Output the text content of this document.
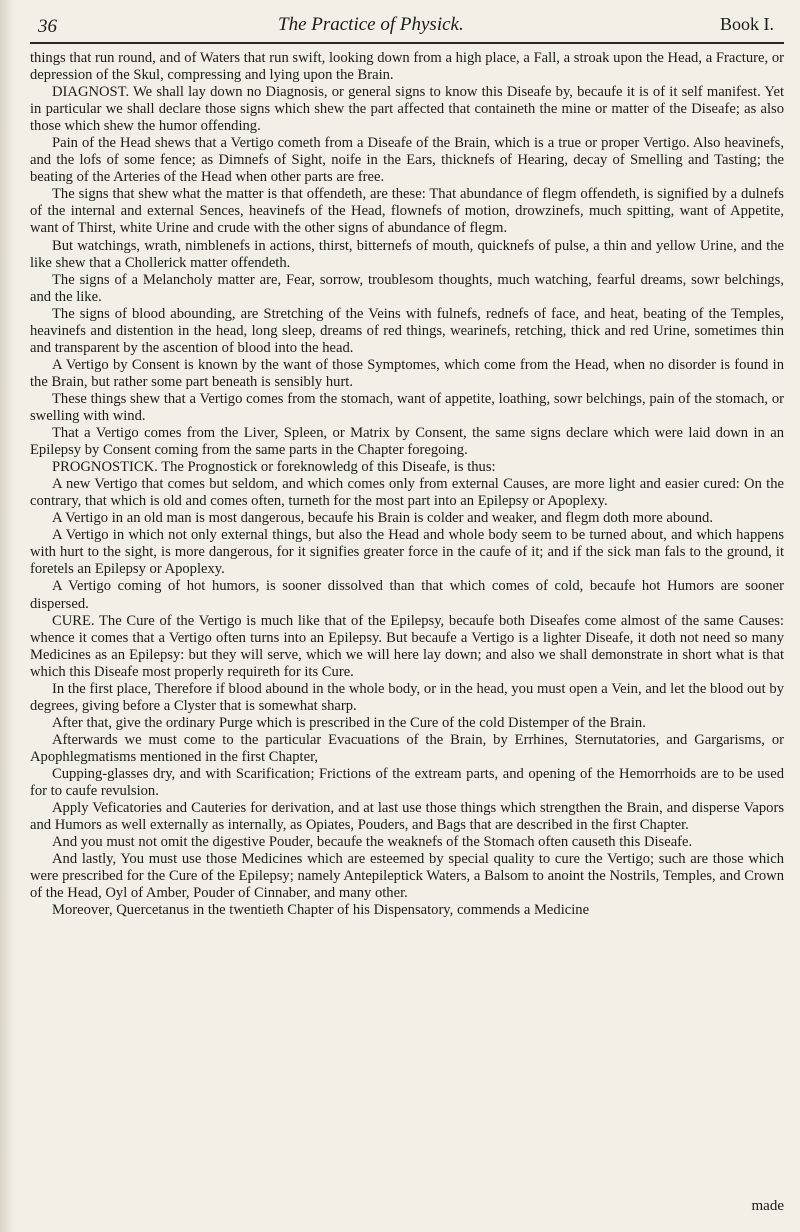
36	The Practice of Physick.	Book I.

things that run round, and of Waters that run swift, looking down from a high place, a Fall, a stroak upon the Head, a Fracture, or depression of the Skul, compressing and lying upon the Brain.

DIAGNOST. We shall lay down no Diagnosis, or general signs to know this Diseafe by, becaufe it is of it self manifest. Yet in particular we shall declare those signs which shew the part affected that containeth the mine or matter of the Diseafe; as also those which shew the humor offending.

Pain of the Head shews that a Vertigo cometh from a Diseafe of the Brain, which is a true or proper Vertigo. Also heavinefs, and the lofs of some fence; as Dimnefs of Sight, noife in the Ears, thicknefs of Hearing, decay of Smelling and Tasting; the beating of the Arteries of the Head when other parts are free.

The signs that shew what the matter is that offendeth, are these: That abundance of flegm offendeth, is signified by a dulnefs of the internal and external Sences, heavinefs of the Head, flownefs of motion, drowzinefs, much spitting, want of Appetite, want of Thirst, white Urine and crude with the other signs of abundance of flegm.

But watchings, wrath, nimblenefs in actions, thirst, bitternefs of mouth, quicknefs of pulse, a thin and yellow Urine, and the like shew that a Chollerick matter offendeth.

The signs of a Melancholy matter are, Fear, sorrow, troublesom thoughts, much watching, fearful dreams, sowr belchings, and the like.

The signs of blood abounding, are Stretching of the Veins with fulnefs, rednefs of face, and heat, beating of the Temples, heavinefs and distention in the head, long sleep, dreams of red things, wearinefs, retching, thick and red Urine, sometimes thin and transparent by the ascention of blood into the head.

A Vertigo by Consent is known by the want of those Symptomes, which come from the Head, when no disorder is found in the Brain, but rather some part beneath is sensibly hurt.

These things shew that a Vertigo comes from the stomach, want of appetite, loathing, sowr belchings, pain of the stomach, or swelling with wind.

That a Vertigo comes from the Liver, Spleen, or Matrix by Consent, the same signs declare which were laid down in an Epilepsy by Consent coming from the same parts in the Chapter foregoing.

PROGNOSTICK. The Prognostick or foreknowledg of this Diseafe, is thus:

A new Vertigo that comes but seldom, and which comes only from external Causes, are more light and easier cured: On the contrary, that which is old and comes often, turneth for the most part into an Epilepsy or Apoplexy.

A Vertigo in an old man is most dangerous, becaufe his Brain is colder and weaker, and flegm doth more abound.

A Vertigo in which not only external things, but also the Head and whole body seem to be turned about, and which happens with hurt to the sight, is more dangerous, for it signifies greater force in the caufe of it; and if the sick man fals to the ground, it foretels an Epilepsy or Apoplexy.

A Vertigo coming of hot humors, is sooner dissolved than that which comes of cold, becaufe hot Humors are sooner dispersed.

CURE. The Cure of the Vertigo is much like that of the Epilepsy, becaufe both Diseafes come almost of the same Causes: whence it comes that a Vertigo often turns into an Epilepsy. But becaufe a Vertigo is a lighter Diseafe, it doth not need so many Medicines as an Epilepsy: but they will serve, which we will here lay down; and also we shall demonstrate in short what is that which this Diseafe most properly requireth for its Cure.

In the first place, Therefore if blood abound in the whole body, or in the head, you must open a Vein, and let the blood out by degrees, giving before a Clyster that is somewhat sharp.

After that, give the ordinary Purge which is prescribed in the Cure of the cold Distemper of the Brain.

Afterwards we must come to the particular Evacuations of the Brain, by Errhines, Sternutatories, and Gargarisms, or Apophlegmatisms mentioned in the first Chapter,

Cupping-glasses dry, and with Scarification; Frictions of the extream parts, and opening of the Hemorrhoids are to be used for to caufe revulsion.

Apply Veficatories and Cauteries for derivation, and at last use those things which strengthen the Brain, and disperse Vapors and Humors as well externally as internally, as Opiates, Pouders, and Bags that are described in the first Chapter.

And you must not omit the digestive Pouder, becaufe the weaknefs of the Stomach often causeth this Diseafe.

And lastly, You must use those Medicines which are esteemed by special quality to cure the Vertigo; such are those which were prescribed for the Cure of the Epilepsy; namely Antepileptick Waters, a Balsom to anoint the Nostrils, Temples, and Crown of the Head, Oyl of Amber, Pouder of Cinnaber, and many other.

Moreover, Quercetanus in the twentieth Chapter of his Dispensatory, commends a Medicine

made
